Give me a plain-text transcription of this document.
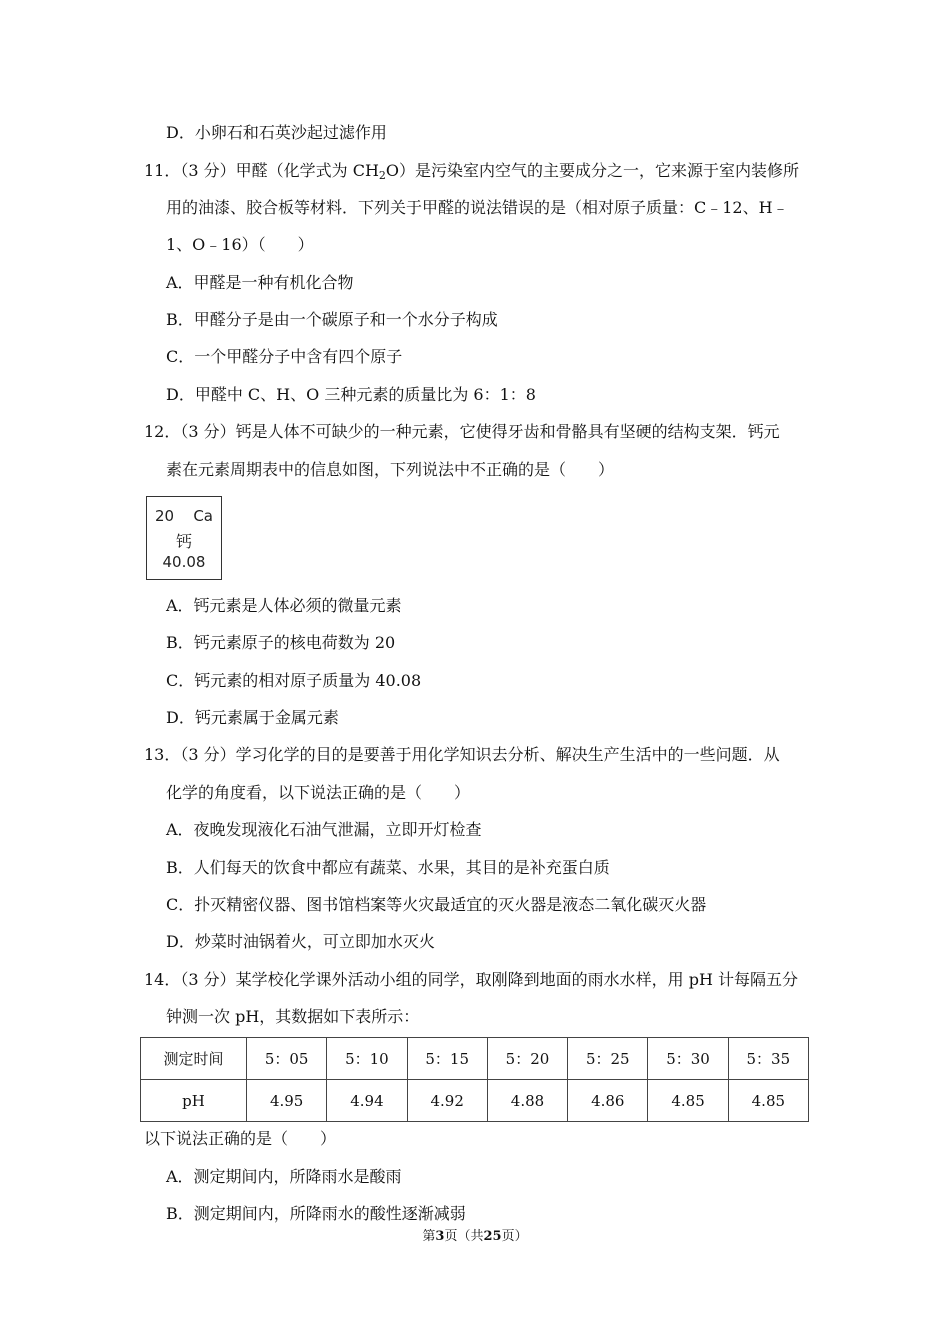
D．小卵石和石英沙起过滤作用
11．（3 分）甲醛（化学式为 $CH_2O$）是污染室内空气的主要成分之一，它来源于室内装修所
用的油漆、胶合板等材料．下列关于甲醛的说法错误的是（相对原子质量：C﹣12、H﹣
1、O﹣16）（　　）
A．甲醛是一种有机化合物
B．甲醛分子是由一个碳原子和一个水分子构成
C．一个甲醛分子中含有四个原子
D．甲醛中 C、H、O 三种元素的质量比为 6：1：8
12．（3 分）钙是人体不可缺少的一种元素，它使得牙齿和骨骼具有坚硬的结构支架．钙元
素在元素周期表中的信息如图，下列说法中不正确的是（　　）
20 Ca
钙
40.08
A．钙元素是人体必须的微量元素
B．钙元素原子的核电荷数为 20
C．钙元素的相对原子质量为 40.08
D．钙元素属于金属元素
13．（3 分）学习化学的目的是要善于用化学知识去分析、解决生产生活中的一些问题．从
化学的角度看，以下说法正确的是（　　）
A．夜晚发现液化石油气泄漏，立即开灯检查
B．人们每天的饮食中都应有蔬菜、水果，其目的是补充蛋白质
C．扑灭精密仪器、图书馆档案等火灾最适宜的灭火器是液态二氧化碳灭火器
D．炒菜时油锅着火，可立即加水灭火
14．（3 分）某学校化学课外活动小组的同学，取刚降到地面的雨水水样，用 pH 计每隔五分
钟测一次 pH，其数据如下表所示：
测定时间	5：05	5：10	5：15	5：20	5：25	5：30	5：35
pH	4.95	4.94	4.92	4.88	4.86	4.85	4.85
以下说法正确的是（　　）
A．测定期间内，所降雨水是酸雨
B．测定期间内，所降雨水的酸性逐渐减弱
第3页（共25页）
